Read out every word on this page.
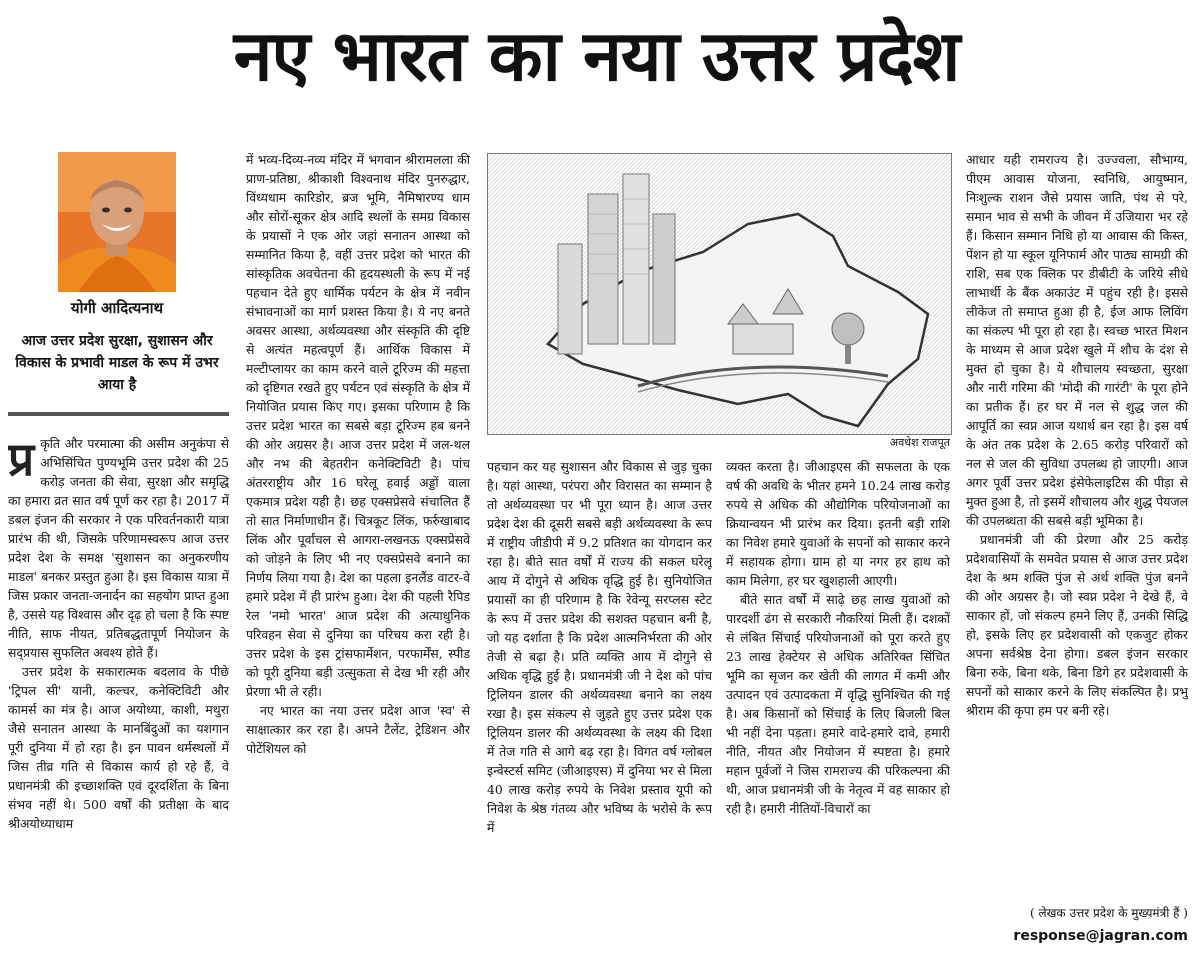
नए भारत का नया उत्तर प्रदेश
योगी आदित्यनाथ
आज उत्तर प्रदेश सुरक्षा, सुशासन और विकास के प्रभावी माडल के रूप में उभर आया है
प्र कृति और परमात्मा की असीम अनुकंपा से अभिसिंचित पुण्यभूमि उत्तर प्रदेश की 25 करोड़ जनता की सेवा, सुरक्षा और समृद्धि का हमारा व्रत सात वर्ष पूर्ण कर रहा है। 2017 में डबल इंजन की सरकार ने एक परिवर्तनकारी यात्रा प्रारंभ की थी, जिसके परिणामस्वरूप आज उत्तर प्रदेश देश के समक्ष 'सुशासन का अनुकरणीय माडल' बनकर प्रस्तुत हुआ है। इस विकास यात्रा में जिस प्रकार जनता-जनार्दन का सहयोग प्राप्त हुआ है, उससे यह विश्वास और दृढ़ हो चला है कि स्पष्ट नीति, साफ नीयत, प्रतिबद्धतापूर्ण नियोजन के सद्प्रयास सुफलित अवश्य होते हैं।

उत्तर प्रदेश के सकारात्मक बदलाव के पीछे 'ट्रिपल सी' यानी, कल्चर, कनेक्टिविटी और कामर्स का मंत्र है। आज अयोध्या, काशी, मथुरा जैसे सनातन आस्था के मानबिंदुओं का यशगान पूरी दुनिया में हो रहा है। इन पावन धर्मस्थलों में जिस तीव्र गति से विकास कार्य हो रहे हैं, वे प्रधानमंत्री की इच्छाशक्ति एवं दूरदर्शिता के बिना संभव नहीं थे। 500 वर्षों की प्रतीक्षा के बाद श्रीअयोध्याधाम

में भव्य-दिव्य-नव्य मंदिर में भगवान श्रीरामलला की प्राण-प्रतिष्ठा, श्रीकाशी विश्वनाथ मंदिर पुनरुद्धार, विंध्यधाम कारिडोर, ब्रज भूमि, नैमिषारण्य धाम और सोरों-सूकर क्षेत्र आदि स्थलों के समग्र विकास के प्रयासों ने एक ओर जहां सनातन आस्था को सम्मानित किया है, वहीं उत्तर प्रदेश को भारत की सांस्कृतिक अवचेतना की हृदयस्थली के रूप में नई पहचान देते हुए धार्मिक पर्यटन के क्षेत्र में नवीन संभावनाओं का मार्ग प्रशस्त किया है। ये नए बनते अवसर आस्था, अर्थव्यवस्था और संस्कृति की दृष्टि से अत्यंत महत्वपूर्ण हैं। आर्थिक विकास में मल्टीप्लायर का काम करने वाले टूरिज्म की महत्ता को दृष्टिगत रखते हुए पर्यटन एवं संस्कृति के क्षेत्र में नियोजित प्रयास किए गए। इसका परिणाम है कि उत्तर प्रदेश भारत का सबसे बड़ा टूरिज्म हब बनने की ओर अग्रसर है। आज उत्तर प्रदेश में जल-थल और नभ की बेहतरीन कनेक्टिविटी है। पांच अंतरराष्ट्रीय और 16 घरेलू हवाई अड्डों वाला एकमात्र प्रदेश यही है। छह एक्सप्रेसवे संचालित हैं तो सात निर्माणाधीन हैं। चित्रकूट लिंक, फर्रुखाबाद लिंक और पूर्वांचल से आगरा-लखनऊ एक्सप्रेसवे को जोड़ने के लिए भी नए एक्सप्रेसवे बनाने का निर्णय लिया गया है। देश का पहला इनलैंड वाटर-वे हमारे प्रदेश में ही प्रारंभ हुआ। देश की पहली रैपिड रेल 'नमो भारत' आज प्रदेश की अत्याधुनिक परिवहन सेवा से दुनिया का परिचय करा रही है। उत्तर प्रदेश के इस ट्रांसफार्मेशन, परफार्मेंस, स्पीड को पूरी दुनिया बड़ी उत्सुकता से देख भी रही और प्रेरणा भी ले रही।

नए भारत का नया उत्तर प्रदेश आज 'स्व' से साक्षात्कार कर रहा है। अपने टैलेंट, ट्रेडिशन और पोटेंशियल को

अवधेश राजपूत

पहचान कर यह सुशासन और विकास से जुड़ चुका है। यहां आस्था, परंपरा और विरासत का सम्मान है तो अर्थव्यवस्था पर भी पूरा ध्यान है। आज उत्तर प्रदेश देश की दूसरी सबसे बड़ी अर्थव्यवस्था के रूप में राष्ट्रीय जीडीपी में 9.2 प्रतिशत का योगदान कर रहा है। बीते सात वर्षों में राज्य की सकल घरेलू आय में दोगुने से अधिक वृद्धि हुई है। सुनियोजित प्रयासों का ही परिणाम है कि रेवेन्यू सरप्लस स्टेट के रूप में उत्तर प्रदेश की सशक्त पहचान बनी है, जो यह दर्शाता है कि प्रदेश आत्मनिर्भरता की ओर तेजी से बढ़ा है। प्रति व्यक्ति आय में दोगुने से अधिक वृद्धि हुई है। प्रधानमंत्री जी ने देश को पांच ट्रिलियन डालर की अर्थव्यवस्था बनाने का लक्ष्य रखा है। इस संकल्प से जुड़ते हुए उत्तर प्रदेश एक ट्रिलियन डालर की अर्थव्यवस्था के लक्ष्य की दिशा में तेज गति से आगे बढ़ रहा है। विगत वर्ष ग्लोबल इन्वेस्टर्स समिट (जीआइएस) में दुनिया भर से मिला 40 लाख करोड़ रुपये के निवेश प्रस्ताव यूपी को निवेश के श्रेष्ठ गंतव्य और भविष्य के भरोसे के रूप में

व्यक्त करता है। जीआइएस की सफलता के एक वर्ष की अवधि के भीतर हमने 10.24 लाख करोड़ रुपये से अधिक की औद्योगिक परियोजनाओं का क्रियान्वयन भी प्रारंभ कर दिया। इतनी बड़ी राशि का निवेश हमारे युवाओं के सपनों को साकार करने में सहायक होगा। ग्राम हो या नगर हर हाथ को काम मिलेगा, हर घर खुशहाली आएगी।

बीते सात वर्षों में साढ़े छह लाख युवाओं को पारदर्शी ढंग से सरकारी नौकरियां मिली हैं। दशकों से लंबित सिंचाई परियोजनाओं को पूरा करते हुए 23 लाख हेक्टेयर से अधिक अतिरिक्त सिंचित भूमि का सृजन कर खेती की लागत में कमी और उत्पादन एवं उत्पादकता में वृद्धि सुनिश्चित की गई है। अब किसानों को सिंचाई के लिए बिजली बिल भी नहीं देना पड़ता। हमारे वादे-हमारे दावे, हमारी नीति, नीयत और नियोजन में स्पष्टता है। हमारे महान पूर्वजों ने जिस रामराज्य की परिकल्पना की थी, आज प्रधानमंत्री जी के नेतृत्व में वह साकार हो रही है। हमारी नीतियों-विचारों का

आधार यही रामराज्य है। उज्ज्वला, सौभाग्य, पीएम आवास योजना, स्वनिधि, आयुष्मान, निःशुल्क राशन जैसे प्रयास जाति, पंथ से परे, समान भाव से सभी के जीवन में उजियारा भर रहे हैं। किसान सम्मान निधि हो या आवास की किस्त, पेंशन हो या स्कूल यूनिफार्म और पाठ्य सामग्री की राशि, सब एक क्लिक पर डीबीटी के जरिये सीधे लाभार्थी के बैंक अकाउंट में पहुंच रही है। इससे लीकेज तो समाप्त हुआ ही है, ईज आफ लिविंग का संकल्प भी पूरा हो रहा है। स्वच्छ भारत मिशन के माध्यम से आज प्रदेश खुले में शौच के दंश से मुक्त हो चुका है। ये शौचालय स्वच्छता, सुरक्षा और नारी गरिमा की 'मोदी की गारंटी' के पूरा होने का प्रतीक हैं। हर घर में नल से शुद्ध जल की आपूर्ति का स्वप्न आज यथार्थ बन रहा है। इस वर्ष के अंत तक प्रदेश के 2.65 करोड़ परिवारों को नल से जल की सुविधा उपलब्ध हो जाएगी। आज अगर पूर्वी उत्तर प्रदेश इंसेफेलाइटिस की पीड़ा से मुक्त हुआ है, तो इसमें शौचालय और शुद्ध पेयजल की उपलब्धता की सबसे बड़ी भूमिका है।

प्रधानमंत्री जी की प्रेरणा और 25 करोड़ प्रदेशवासियों के समवेत प्रयास से आज उत्तर प्रदेश देश के श्रम शक्ति पुंज से अर्थ शक्ति पुंज बनने की ओर अग्रसर है। जो स्वप्न प्रदेश ने देखे हैं, वे साकार हों, जो संकल्प हमने लिए हैं, उनकी सिद्धि हो, इसके लिए हर प्रदेशवासी को एकजुट होकर अपना सर्वश्रेष्ठ देना होगा। डबल इंजन सरकार बिना रुके, बिना थके, बिना डिगे हर प्रदेशवासी के सपनों को साकार करने के लिए संकल्पित है। प्रभु श्रीराम की कृपा हम पर बनी रहे।

( लेखक उत्तर प्रदेश के मुख्यमंत्री हैं )
response@jagran.com
